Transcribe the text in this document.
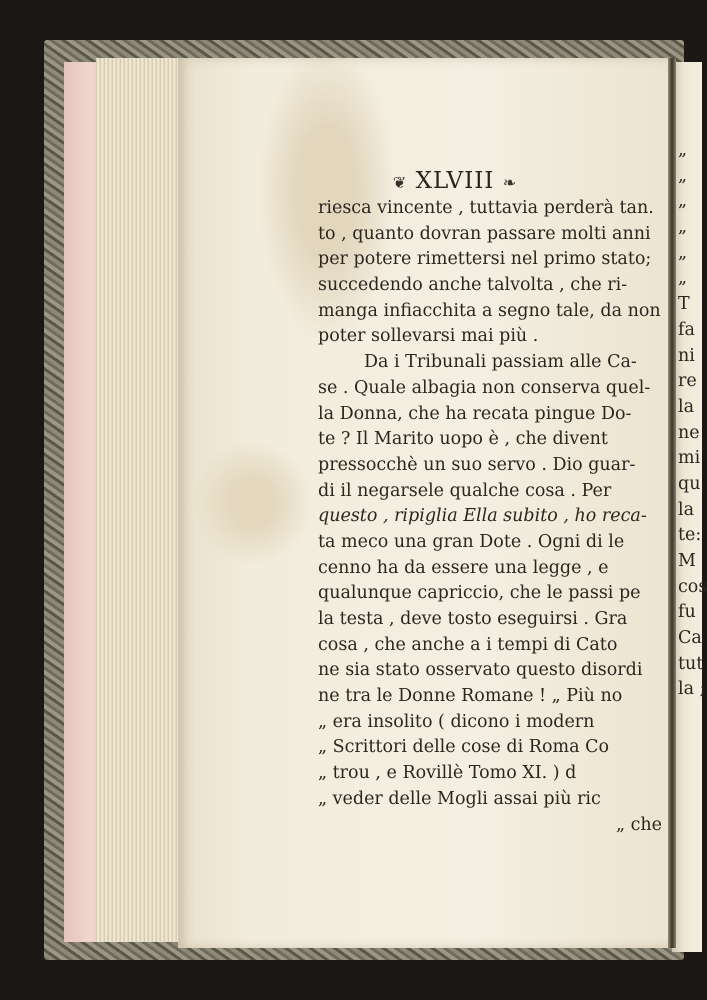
❦ XLVIII ❧
riesca vincente , tuttavia perderà tan.
to , quanto dovran passare molti anni
per potere rimettersi nel primo stato;
succedendo anche talvolta , che ri-
manga infiacchita a segno tale, da non
poter sollevarsi mai più .
Da i Tribunali passiam alle Ca-
se . Quale albagia non conserva quel-
la Donna, che ha recata pingue Do-
te ? Il Marito uopo è , che divent
pressocchè un suo servo . Dio guar-
di il negarsele qualche cosa . Per
questo , ripiglia Ella subito , ho reca-
ta meco una gran Dote . Ogni di le
cenno ha da essere una legge , e
qualunque capriccio, che le passi pe
la testa , deve tosto eseguirsi . Gra
cosa , che anche a i tempi di Cato
ne sia stato osservato questo disordi
ne tra le Donne Romane ! „ Più no
„ era insolito ( dicono i modern
„ Scrittori delle cose di Roma Co
„ trou , e Rovillè Tomo XI. ) d
„ veder delle Mogli assai più ric
„ che
„
„
„
„
„
„
T
fa
ni
re
la
ne
mi
qu
la
te:
M
cos
fu
Ca
tut
la ;
